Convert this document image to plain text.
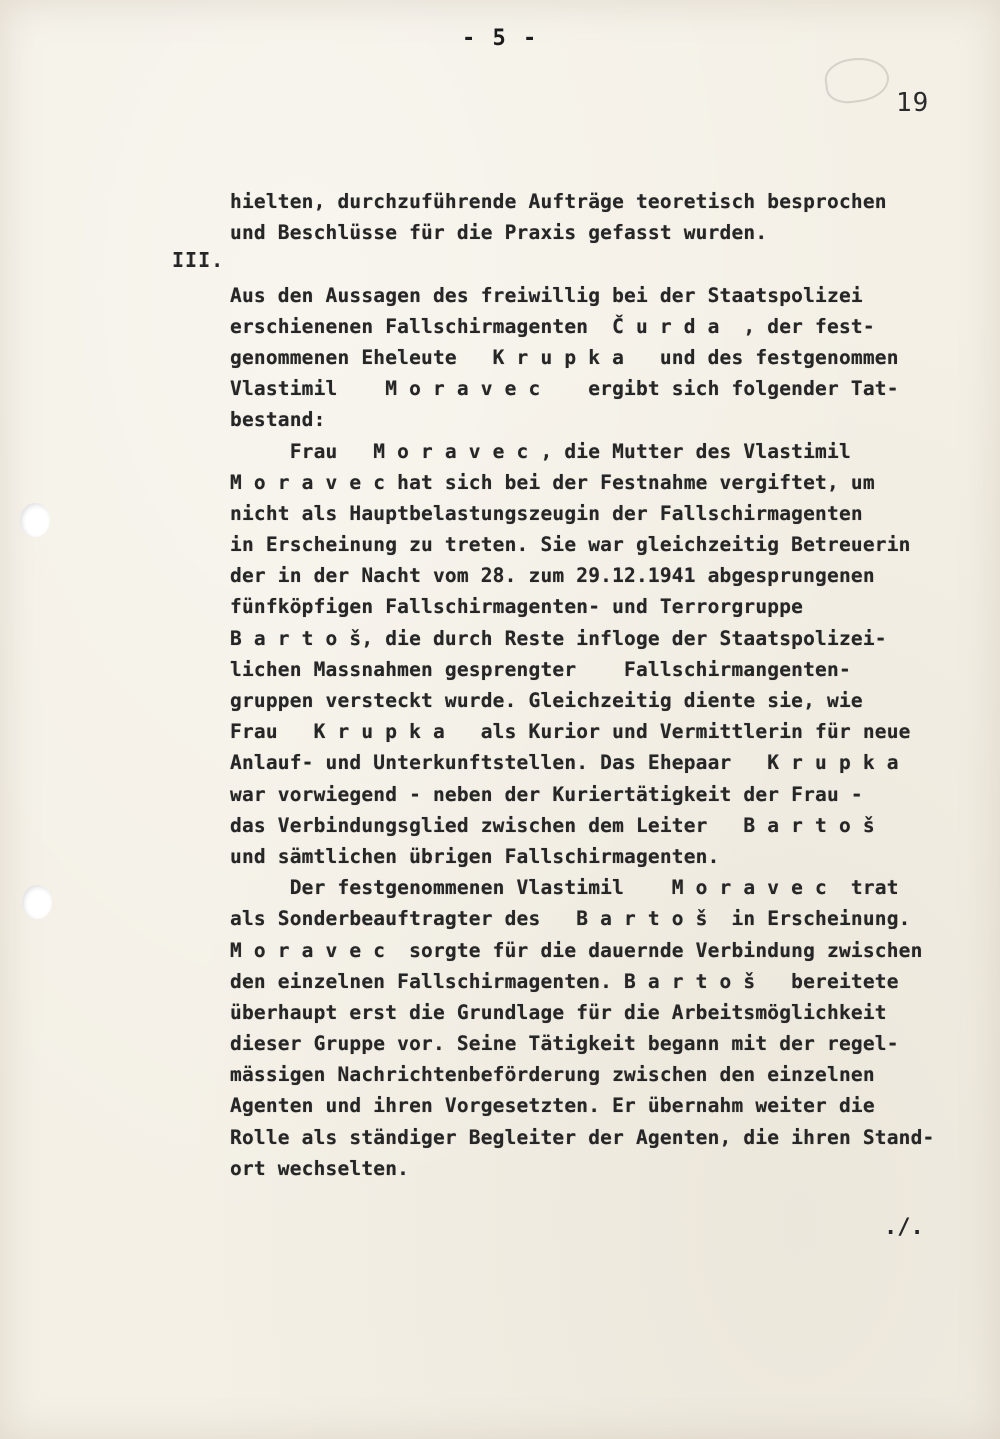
- 5 -
19
III.
hielten, durchzuführende Aufträge teoretisch besprochen
und Beschlüsse für die Praxis gefasst wurden.
Aus den Aussagen des freiwillig bei der Staatspolizei
erschienenen Fallschirmagenten  Č u r d a  , der fest-
genommenen Eheleute   K r u p k a   und des festgenommen
Vlastimil    M o r a v e c    ergibt sich folgender Tat-
bestand:
Frau   M o r a v e c , die Mutter des Vlastimil
M o r a v e c hat sich bei der Festnahme vergiftet, um
nicht als Hauptbelastungszeugin der Fallschirmagenten
in Erscheinung zu treten. Sie war gleichzeitig Betreuerin
der in der Nacht vom 28. zum 29.12.1941 abgesprungenen
fünfköpfigen Fallschirmagenten- und Terrorgruppe
B a r t o š, die durch Reste infloge der Staatspolizei-
lichen Massnahmen gesprengter    Fallschirmangenten-
gruppen versteckt wurde. Gleichzeitig diente sie, wie
Frau   K r u p k a   als Kurior und Vermittlerin für neue
Anlauf- und Unterkunftstellen. Das Ehepaar   K r u p k a
war vorwiegend - neben der Kuriertätigkeit der Frau -
das Verbindungsglied zwischen dem Leiter   B a r t o š
und sämtlichen übrigen Fallschirmagenten.
Der festgenommenen Vlastimil    M o r a v e c  trat
als Sonderbeauftragter des   B a r t o š  in Erscheinung.
M o r a v e c  sorgte für die dauernde Verbindung zwischen
den einzelnen Fallschirmagenten. B a r t o š   bereitete
überhaupt erst die Grundlage für die Arbeitsmöglichkeit
dieser Gruppe vor. Seine Tätigkeit begann mit der regel-
mässigen Nachrichtenbeförderung zwischen den einzelnen
Agenten und ihren Vorgesetzten. Er übernahm weiter die
Rolle als ständiger Begleiter der Agenten, die ihren Stand-
ort wechselten.
./.
